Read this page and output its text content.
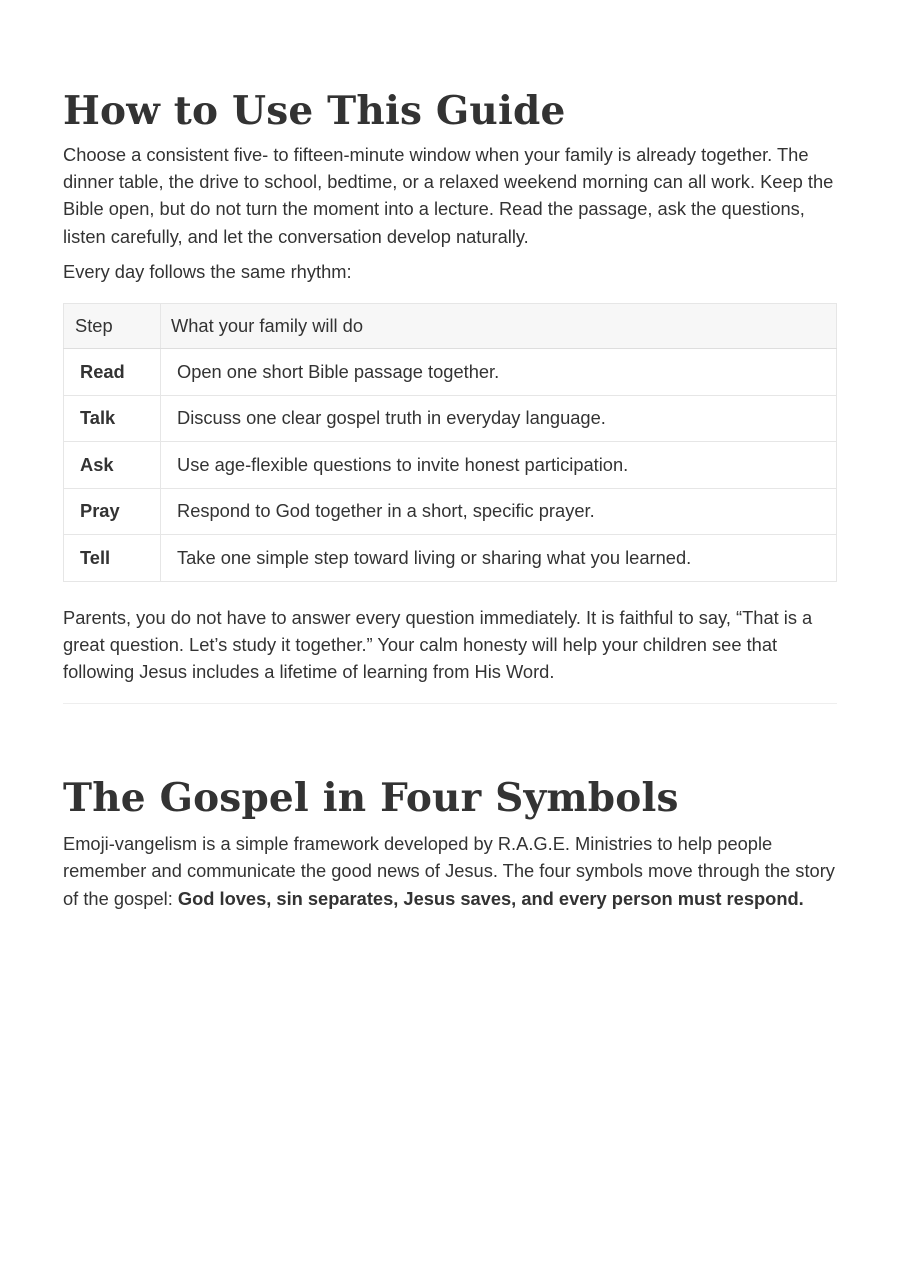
How to Use This Guide

Choose a consistent five- to fifteen-minute window when your family is already together. The dinner table, the drive to school, bedtime, or a relaxed weekend morning can all work. Keep the Bible open, but do not turn the moment into a lecture. Read the passage, ask the questions, listen carefully, and let the conversation develop naturally.

Every day follows the same rhythm:

Step	What your family will do
Read	Open one short Bible passage together.
Talk	Discuss one clear gospel truth in everyday language.
Ask	Use age-flexible questions to invite honest participation.
Pray	Respond to God together in a short, specific prayer.
Tell	Take one simple step toward living or sharing what you learned.

Parents, you do not have to answer every question immediately. It is faithful to say, “That is a great question. Let’s study it together.” Your calm honesty will help your children see that following Jesus includes a lifetime of learning from His Word.

The Gospel in Four Symbols

Emoji-vangelism is a simple framework developed by R.A.G.E. Ministries to help people remember and communicate the good news of Jesus. The four symbols move through the story of the gospel: God loves, sin separates, Jesus saves, and every person must respond.
